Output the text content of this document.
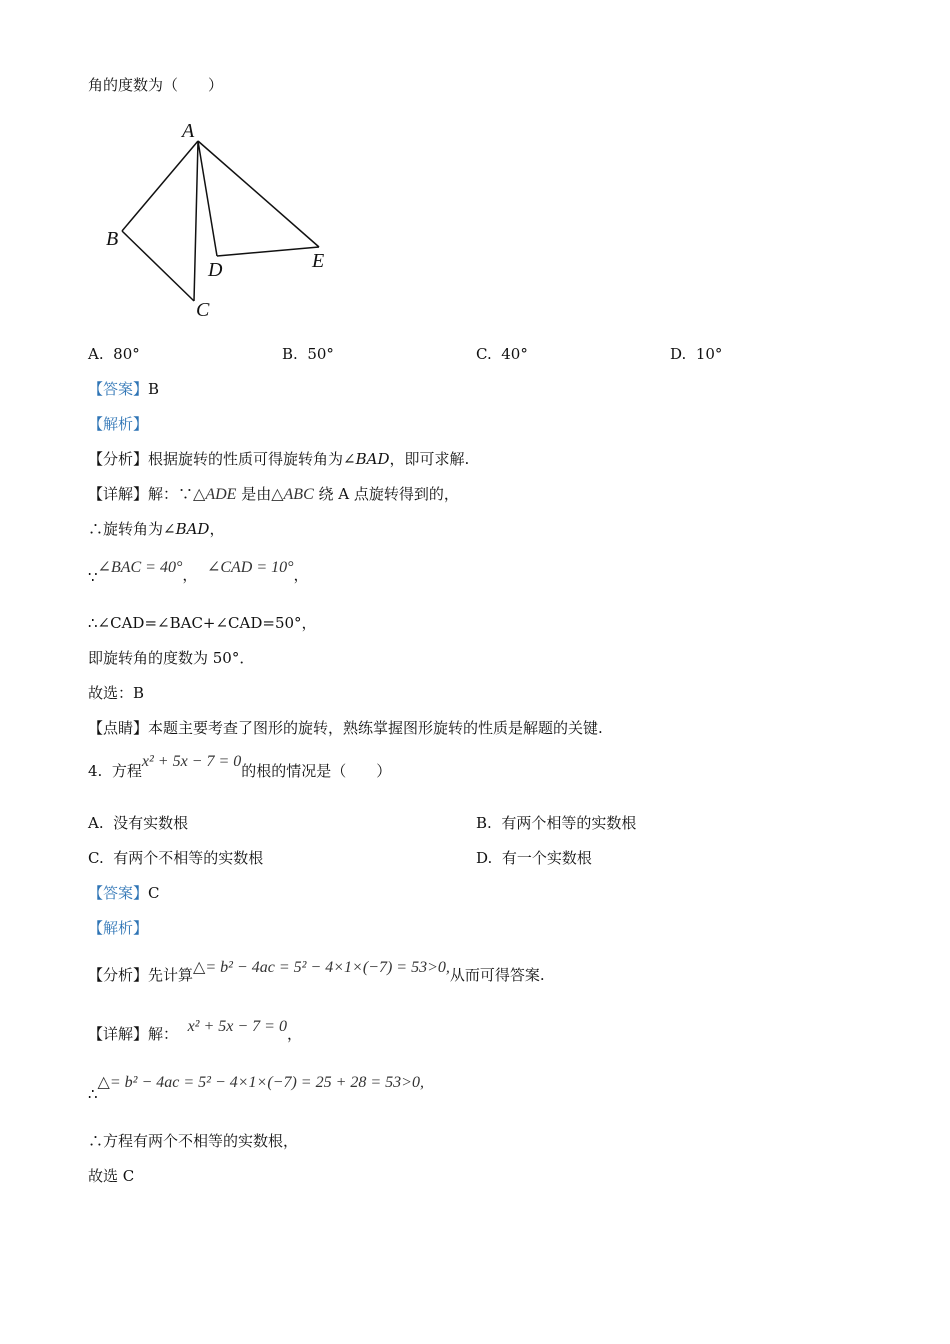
角的度数为（　　）
A
B
C
D	E
A. 80°	B. 50°	C. 40°	D. 10°
【答案】B
【解析】
【分析】根据旋转的性质可得旋转角为∠BAD，即可求解.
【详解】解：∵△ADE 是由△ABC 绕 A 点旋转得到的，
∴旋转角为∠BAD，
∵∠BAC = 40°， ∠CAD = 10°，
∴∠CAD=∠BAC+∠CAD=50°，
即旋转角的度数为 50°．
故选：B
【点睛】本题主要考查了图形的旋转，熟练掌握图形旋转的性质是解题的关键.
4. 方程x² + 5x − 7 = 0的根的情况是（　　）
A. 没有实数根	B. 有两个相等的实数根
C. 有两个不相等的实数根	D. 有一个实数根
【答案】C
【解析】
【分析】先计算△= b² − 4ac = 5² − 4×1×(−7) = 53>0,从而可得答案.
【详解】解： x² + 5x − 7 = 0，
∴△= b² − 4ac = 5² − 4×1×(−7) = 25 + 28 = 53>0,
∴方程有两个不相等的实数根，
故选 C
